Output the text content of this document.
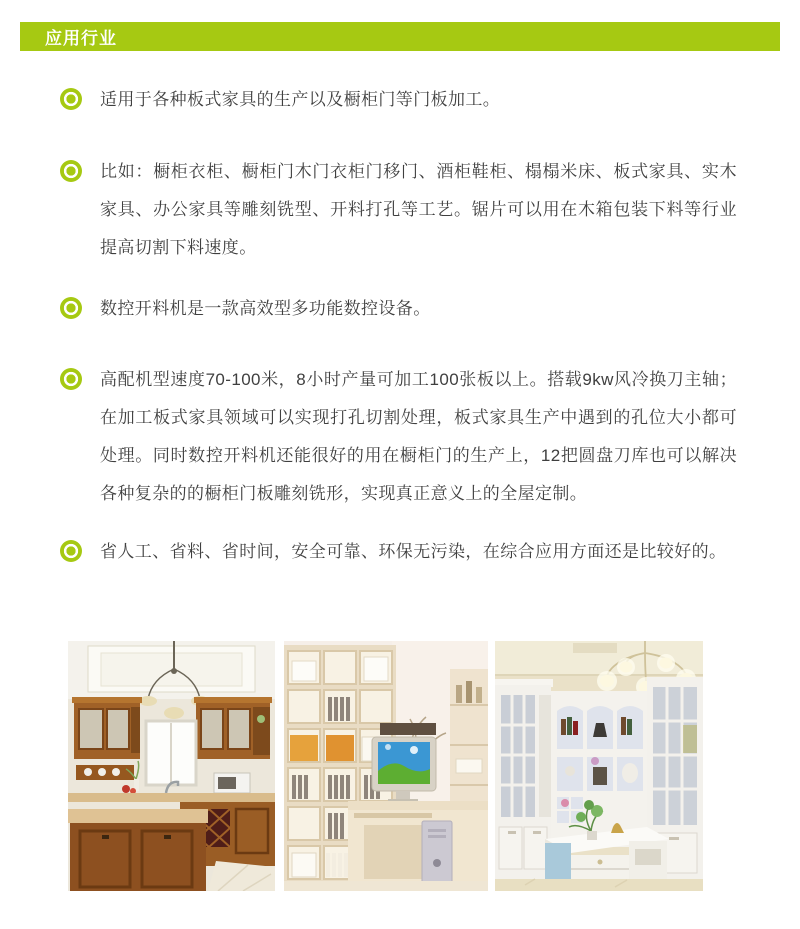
应用行业

适用于各种板式家具的生产以及橱柜门等门板加工。

比如：橱柜衣柜、橱柜门木门衣柜门移门、酒柜鞋柜、榻榻米床、板式家具、实木家具、办公家具等雕刻铣型、开料打孔等工艺。锯片可以用在木箱包装下料等行业提高切割下料速度。

数控开料机是一款高效型多功能数控设备。

高配机型速度70-100米，8小时产量可加工100张板以上。搭载9kw风冷换刀主轴；在加工板式家具领域可以实现打孔切割处理，板式家具生产中遇到的孔位大小都可处理。同时数控开料机还能很好的用在橱柜门的生产上，12把圆盘刀库也可以解决各种复杂的的橱柜门板雕刻铣形，实现真正意义上的全屋定制。

省人工、省料、省时间，安全可靠、环保无污染，在综合应用方面还是比较好的。
